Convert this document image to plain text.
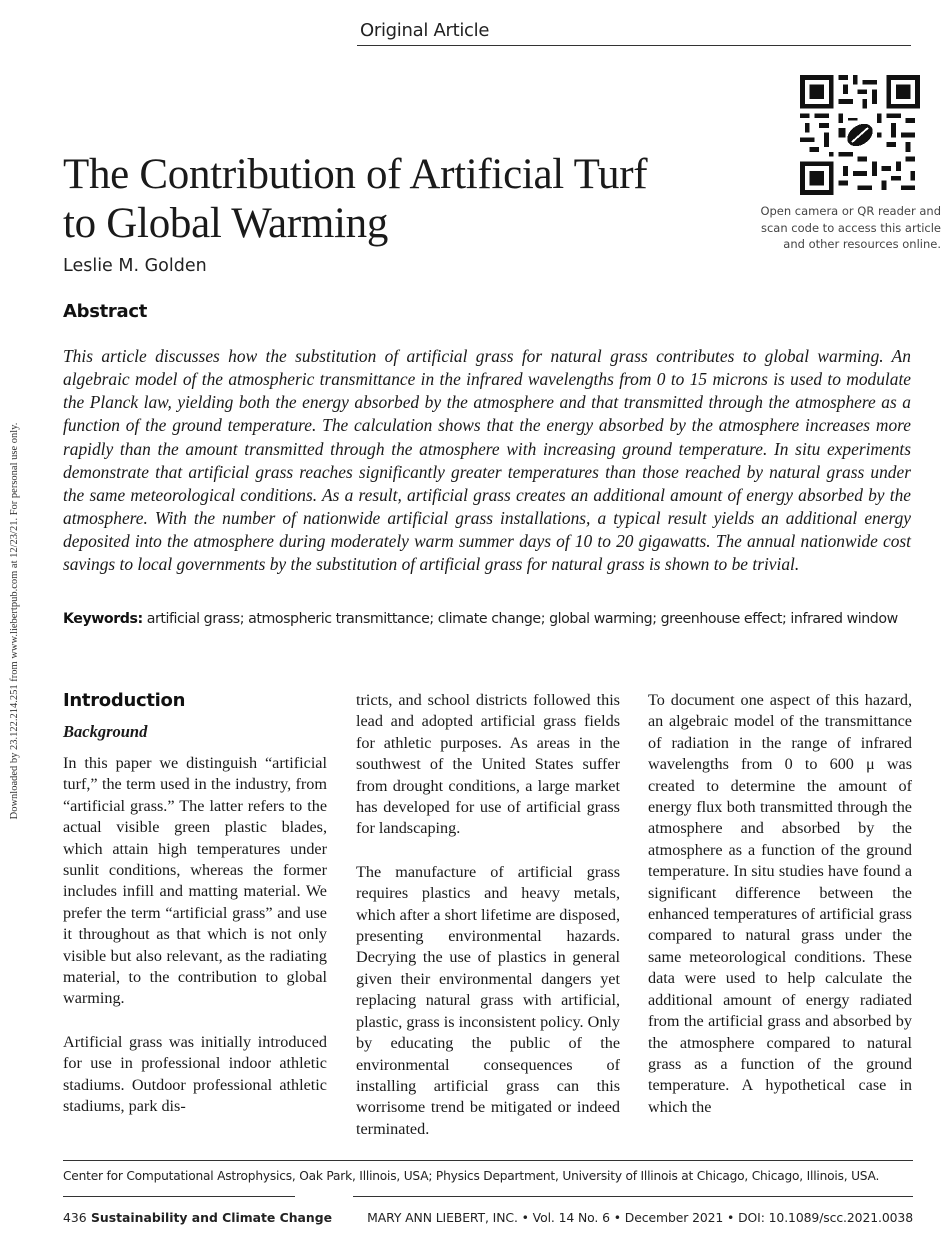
Downloaded by 23.122.214.251 from www.liebertpub.com at 12/23/21. For personal use only.
Original Article
Open camera or QR reader and
scan code to access this article
and other resources online.
The Contribution of Artificial Turf
to Global Warming
Leslie M. Golden
Abstract
This article discusses how the substitution of artificial grass for natural grass contributes to global warming. An algebraic model of the atmospheric transmittance in the infrared wavelengths from 0 to 15 microns is used to modulate the Planck law, yielding both the energy absorbed by the atmosphere and that transmitted through the atmosphere as a function of the ground temperature. The calculation shows that the energy absorbed by the atmosphere increases more rapidly than the amount transmitted through the atmosphere with increasing ground temperature. In situ experiments demonstrate that artificial grass reaches significantly greater temperatures than those reached by natural grass under the same meteorological conditions. As a result, artificial grass creates an additional amount of energy absorbed by the atmosphere. With the number of nationwide artificial grass installations, a typical result yields an additional energy deposited into the atmosphere during moderately warm summer days of 10 to 20 gigawatts. The annual nationwide cost savings to local governments by the substitution of artificial grass for natural grass is shown to be trivial.
Keywords: artificial grass; atmospheric transmittance; climate change; global warming; greenhouse effect; infrared window
Introduction
Background

In this paper we distinguish “artificial turf,” the term used in the industry, from “artificial grass.” The latter refers to the actual visible green plastic blades, which attain high temperatures under sunlit conditions, whereas the former includes infill and matting material. We prefer the term “artificial grass” and use it throughout as that which is not only visible but also relevant, as the radiating material, to the contribution to global warming.

Artificial grass was initially introduced for use in professional indoor athletic stadiums. Outdoor professional athletic stadiums, park dis-

tricts, and school districts followed this lead and adopted artificial grass fields for athletic purposes. As areas in the southwest of the United States suffer from drought conditions, a large market has developed for use of artificial grass for landscaping.

The manufacture of artificial grass requires plastics and heavy metals, which after a short lifetime are disposed, presenting environmental hazards. Decrying the use of plastics in general given their environmental dangers yet replacing natural grass with artificial, plastic, grass is inconsistent policy. Only by educating the public of the environmental consequences of installing artificial grass can this worrisome trend be mitigated or indeed terminated.

To document one aspect of this hazard, an algebraic model of the transmittance of radiation in the range of infrared wavelengths from 0 to 600 μ was created to determine the amount of energy flux both transmitted through the atmosphere and absorbed by the atmosphere as a function of the ground temperature. In situ studies have found a significant difference between the enhanced temperatures of artificial grass compared to natural grass under the same meteorological conditions. These data were used to help calculate the additional amount of energy radiated from the artificial grass and absorbed by the atmosphere compared to natural grass as a function of the ground temperature. A hypothetical case in which the

Center for Computational Astrophysics, Oak Park, Illinois, USA; Physics Department, University of Illinois at Chicago, Chicago, Illinois, USA.
436 Sustainability and Climate Change	MARY ANN LIEBERT, INC. • Vol. 14 No. 6 • December 2021 • DOI: 10.1089/scc.2021.0038
